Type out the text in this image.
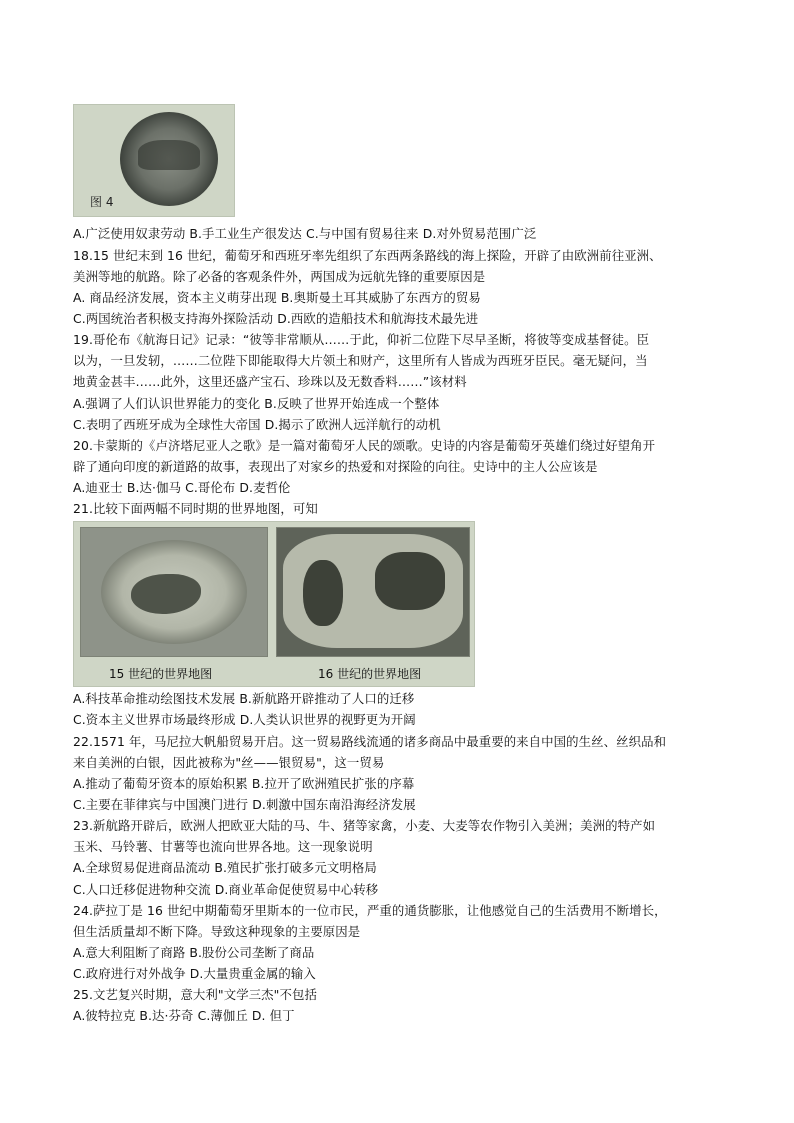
图 4
A.广泛使用奴隶劳动 B.手工业生产很发达 C.与中国有贸易往来 D.对外贸易范围广泛
18.15 世纪末到 16 世纪，葡萄牙和西班牙率先组织了东西两条路线的海上探险，开辟了由欧洲前往亚洲、
美洲等地的航路。除了必备的客观条件外，两国成为远航先锋的重要原因是
A. 商品经济发展，资本主义萌芽出现 B.奥斯曼土耳其威胁了东西方的贸易
C.两国统治者积极支持海外探险活动 D.西欧的造船技术和航海技术最先进
19.哥伦布《航海日记》记录：“彼等非常顺从……于此，仰祈二位陛下尽早圣断，将彼等变成基督徒。臣
以为，一旦发轫，……二位陛下即能取得大片领土和财产，这里所有人皆成为西班牙臣民。毫无疑问，当
地黄金甚丰……此外，这里还盛产宝石、珍珠以及无数香料……”该材料
A.强调了人们认识世界能力的变化 B.反映了世界开始连成一个整体
C.表明了西班牙成为全球性大帝国 D.揭示了欧洲人远洋航行的动机
20.卡蒙斯的《卢济塔尼亚人之歌》是一篇对葡萄牙人民的颂歌。史诗的内容是葡萄牙英雄们绕过好望角开
辟了通向印度的新道路的故事，表现出了对家乡的热爱和对探险的向往。史诗中的主人公应该是
A.迪亚士 B.达·伽马 C.哥伦布 D.麦哲伦
21.比较下面两幅不同时期的世界地图，可知
15 世纪的世界地图	16 世纪的世界地图
A.科技革命推动绘图技术发展 B.新航路开辟推动了人口的迁移
C.资本主义世界市场最终形成 D.人类认识世界的视野更为开阔
22.1571 年，马尼拉大帆船贸易开启。这一贸易路线流通的诸多商品中最重要的来自中国的生丝、丝织品和
来自美洲的白银，因此被称为"丝——银贸易"，这一贸易
A.推动了葡萄牙资本的原始积累 B.拉开了欧洲殖民扩张的序幕
C.主要在菲律宾与中国澳门进行 D.刺激中国东南沿海经济发展
23.新航路开辟后，欧洲人把欧亚大陆的马、牛、猪等家禽，小麦、大麦等农作物引入美洲；美洲的特产如
玉米、马铃薯、甘薯等也流向世界各地。这一现象说明
A.全球贸易促进商品流动 B.殖民扩张打破多元文明格局
C.人口迁移促进物种交流 D.商业革命促使贸易中心转移
24.萨拉丁是 16 世纪中期葡萄牙里斯本的一位市民，严重的通货膨胀，让他感觉自己的生活费用不断增长，
但生活质量却不断下降。导致这种现象的主要原因是
A.意大利阻断了商路 B.股份公司垄断了商品
C.政府进行对外战争 D.大量贵重金属的输入
25.文艺复兴时期，意大利"文学三杰"不包括
A.彼特拉克 B.达·芬奇 C.薄伽丘 D. 但丁
